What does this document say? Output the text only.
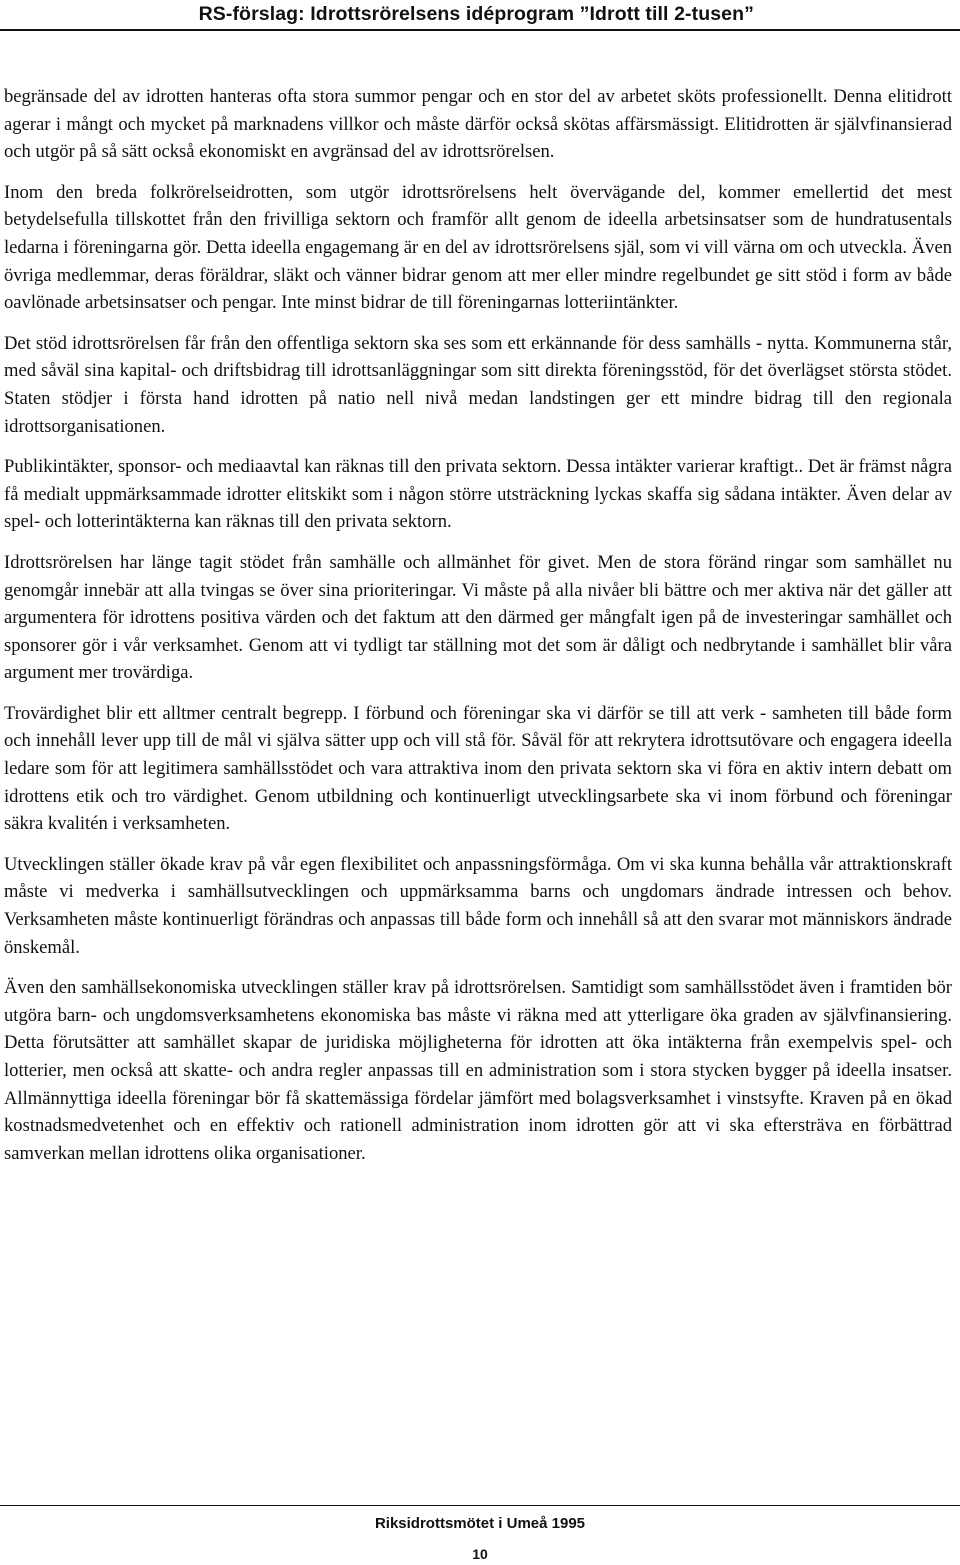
RS-förslag: Idrottsrörelsens idéprogram ”Idrott till 2-tusen”

begränsade del av idrotten hanteras ofta stora summor pengar och en stor del av arbetet sköts professionellt. Denna elitidrott agerar i mångt och mycket på marknadens villkor och måste därför också skötas affärsmässigt. Elitidrotten är självfinansierad och utgör på så sätt också ekonomiskt en avgränsad del av idrottsrörelsen.

Inom den breda folkrörelseidrotten, som utgör idrottsrörelsens helt övervägande del, kommer emellertid det mest betydelsefulla tillskottet från den frivilliga sektorn och framför allt genom de ideella arbetsinsatser som de hundratusentals ledarna i föreningarna gör. Detta ideella engagemang är en del av idrottsrörelsens själ, som vi vill värna om och utveckla. Även övriga medlemmar, deras föräldrar, släkt och vänner bidrar genom att mer eller mindre regelbundet ge sitt stöd i form av både oavlönade arbetsinsatser och pengar. Inte minst bidrar de till föreningarnas lotteriintänkter.

Det stöd idrottsrörelsen får från den offentliga sektorn ska ses som ett erkännande för dess samhälls - nytta. Kommunerna står, med såväl sina kapital- och driftsbidrag till idrottsanläggningar som sitt direkta föreningsstöd, för det överlägset största stödet. Staten stödjer i första hand idrotten på natio nell nivå medan landstingen ger ett mindre bidrag till den regionala idrottsorganisationen.

Publikintäkter, sponsor- och mediaavtal kan räknas till den privata sektorn. Dessa intäkter varierar kraftigt.. Det är främst några få medialt uppmärksammade idrotter elitskikt som i någon större utsträckning lyckas skaffa sig sådana intäkter. Även delar av spel- och lotterintäkterna kan räknas till den privata sektorn.

Idrottsrörelsen har länge tagit stödet från samhälle och allmänhet för givet. Men de stora föränd ringar som samhället nu genomgår innebär att alla tvingas se över sina prioriteringar. Vi måste på alla nivåer bli bättre och mer aktiva när det gäller att argumentera för idrottens positiva värden och det faktum att den därmed ger mångfalt igen på de investeringar samhället och sponsorer gör i vår verksamhet. Genom att vi tydligt tar ställning mot det som är dåligt och nedbrytande i samhället blir våra argument mer trovärdiga.

Trovärdighet blir ett alltmer centralt begrepp. I förbund och föreningar ska vi därför se till att verk - samheten till både form och innehåll lever upp till de mål vi själva sätter upp och vill stå för. Såväl för att rekrytera idrottsutövare och engagera ideella ledare som för att legitimera samhällsstödet och vara attraktiva inom den privata sektorn ska vi föra en aktiv intern debatt om idrottens etik och tro värdighet. Genom utbildning och kontinuerligt utvecklingsarbete ska vi inom förbund och föreningar säkra kvalitén i verksamheten.

Utvecklingen ställer ökade krav på vår egen flexibilitet och anpassningsförmåga. Om vi ska kunna behålla vår attraktionskraft måste vi medverka i samhällsutvecklingen och uppmärksamma barns och ungdomars ändrade intressen och behov. Verksamheten måste kontinuerligt förändras och anpassas till både form och innehåll så att den svarar mot människors ändrade önskemål.

Även den samhällsekonomiska utvecklingen ställer krav på idrottsrörelsen. Samtidigt som samhällsstödet även i framtiden bör utgöra barn- och ungdomsverksamhetens ekonomiska bas måste vi räkna med att ytterligare öka graden av självfinansiering. Detta förutsätter att samhället skapar de juridiska möjligheterna för idrotten att öka intäkterna från exempelvis spel- och lotterier, men också att skatte- och andra regler anpassas till en administration som i stora stycken bygger på ideella insatser. Allmännyttiga ideella föreningar bör få skattemässiga fördelar jämfört med bolagsverksamhet i vinstsyfte. Kraven på en ökad kostnadsmedvetenhet och en effektiv och rationell administration inom idrotten gör att vi ska eftersträva en förbättrad samverkan mellan idrottens olika organisationer.

Riksidrottsmötet i Umeå 1995
10
